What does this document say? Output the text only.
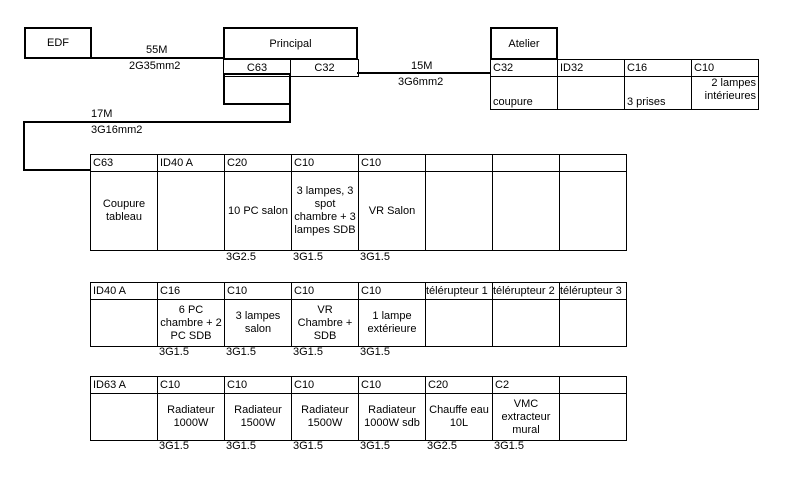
EDF
55M
2G35mm2	15M
3G6mm2
17M
3G16mm2
Principal
C63	C32
Atelier
C32	ID32	C16	C10
coupure		3 prises	2 lampes intérieures
C63	ID40 A	C20	C10	C10			
Coupure tableau		10 PC salon	3 lampes, 3 spot chambre + 3 lampes SDB	VR Salon			
3G2.5	3G1.5	3G1.5
ID40 A	C16	C10	C10	C10	télérupteur 1	télérupteur 2	télérupteur 3
	6 PC chambre + 2 PC SDB	3 lampes salon	VR Chambre + SDB	1 lampe extérieure			
3G1.5	3G1.5	3G1.5	3G1.5
ID63 A	C10	C10	C10	C10	C20	C2	
	Radiateur 1000W	Radiateur 1500W	Radiateur 1500W	Radiateur 1000W sdb	Chauffe eau 10L	VMC extracteur mural	
3G1.5	3G1.5	3G1.5	3G1.5	3G2.5	3G1.5
